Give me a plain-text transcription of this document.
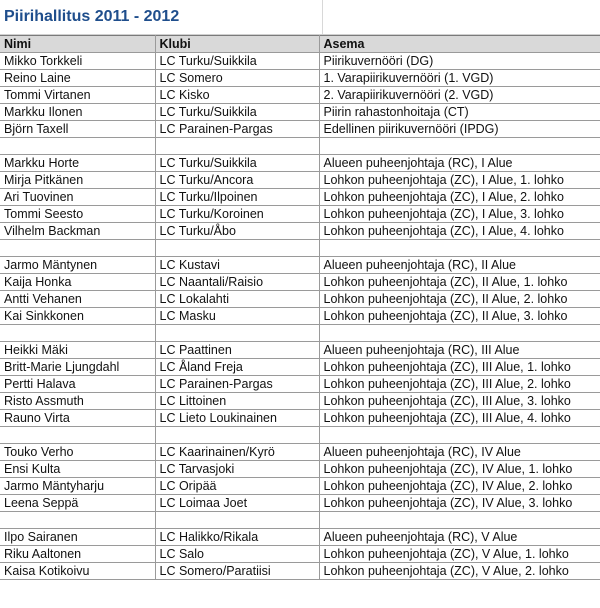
Piirihallitus 2011 - 2012
Nimi	Klubi	Asema
Mikko Torkkeli	LC Turku/Suikkila	Piirikuvernööri (DG)
Reino Laine	LC Somero	1. Varapiirikuvernööri (1. VGD)
Tommi Virtanen	LC Kisko	2. Varapiirikuvernööri (2. VGD)
Markku Ilonen	LC Turku/Suikkila	Piirin rahastonhoitaja (CT)
Björn Taxell	LC Parainen-Pargas	Edellinen piirikuvernööri (IPDG)

Markku Horte	LC Turku/Suikkila	Alueen puheenjohtaja (RC), I Alue
Mirja Pitkänen	LC Turku/Ancora	Lohkon puheenjohtaja (ZC), I Alue, 1. lohko
Ari Tuovinen	LC Turku/Ilpoinen	Lohkon puheenjohtaja (ZC), I Alue, 2. lohko
Tommi Seesto	LC Turku/Koroinen	Lohkon puheenjohtaja (ZC), I Alue, 3. lohko
Vilhelm Backman	LC Turku/Åbo	Lohkon puheenjohtaja (ZC), I Alue, 4. lohko

Jarmo Mäntynen	LC Kustavi	Alueen puheenjohtaja (RC), II Alue
Kaija Honka	LC Naantali/Raisio	Lohkon puheenjohtaja (ZC), II Alue, 1. lohko
Antti Vehanen	LC Lokalahti	Lohkon puheenjohtaja (ZC), II Alue, 2. lohko
Kai Sinkkonen	LC Masku	Lohkon puheenjohtaja (ZC), II Alue, 3. lohko

Heikki Mäki	LC Paattinen	Alueen puheenjohtaja (RC), III Alue
Britt-Marie Ljungdahl	LC Åland Freja	Lohkon puheenjohtaja (ZC), III Alue, 1. lohko
Pertti Halava	LC Parainen-Pargas	Lohkon puheenjohtaja (ZC), III Alue, 2. lohko
Risto Assmuth	LC Littoinen	Lohkon puheenjohtaja (ZC), III Alue, 3. lohko
Rauno Virta	LC Lieto Loukinainen	Lohkon puheenjohtaja (ZC), III Alue, 4. lohko

Touko Verho	LC Kaarinainen/Kyrö	Alueen puheenjohtaja (RC), IV Alue
Ensi Kulta	LC Tarvasjoki	Lohkon puheenjohtaja (ZC), IV Alue, 1. lohko
Jarmo Mäntyharju	LC Oripää	Lohkon puheenjohtaja (ZC), IV Alue, 2. lohko
Leena Seppä	LC Loimaa Joet	Lohkon puheenjohtaja (ZC), IV Alue, 3. lohko

Ilpo Sairanen	LC Halikko/Rikala	Alueen puheenjohtaja (RC), V Alue
Riku Aaltonen	LC Salo	Lohkon puheenjohtaja (ZC), V Alue, 1. lohko
Kaisa Kotikoivu	LC Somero/Paratiisi	Lohkon puheenjohtaja (ZC), V Alue, 2. lohko
